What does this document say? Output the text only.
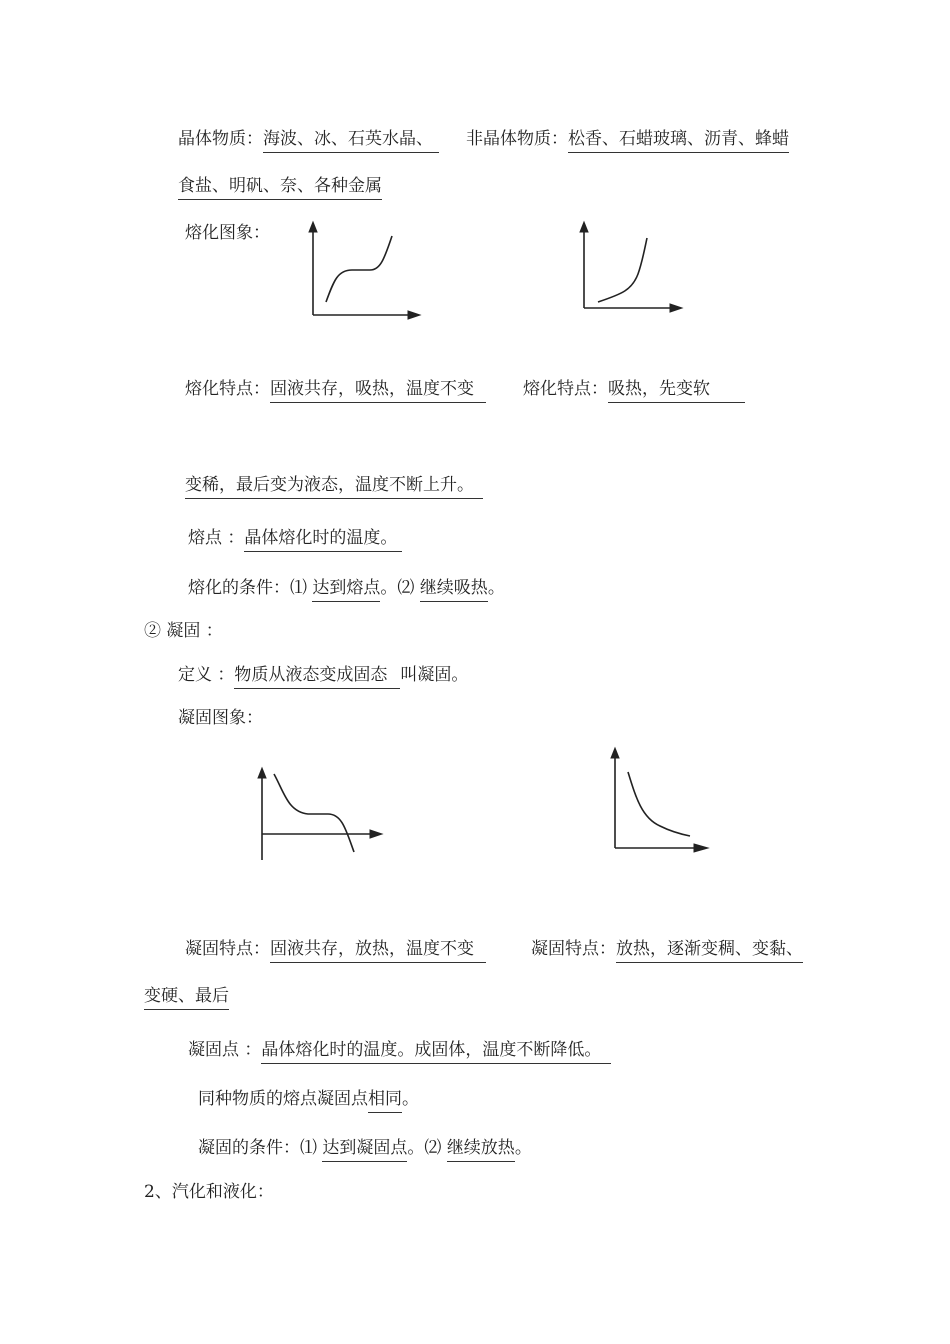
晶体物质：海波、冰、石英水晶、	非晶体物质：松香、石蜡玻璃、沥青、蜂蜡
食盐、明矾、奈、各种金属
熔化图象：
熔化特点：固液共存，吸热，温度不变	熔化特点：吸热，先变软
变稀，最后变为液态，温度不断上升。
熔点 ：晶体熔化时的温度。
熔化的条件：⑴ 达到熔点。⑵ 继续吸热。
② 凝固 ：
定义 ：物质从液态变成固态 叫凝固。
凝固图象：
凝固特点：固液共存，放热，温度不变	凝固特点：放热，逐渐变稠、变黏、
变硬、最后
凝固点 ：晶体熔化时的温度。成固体，温度不断降低。
同种物质的熔点凝固点相同。
凝固的条件：⑴ 达到凝固点。⑵ 继续放热。
2、汽化和液化：
